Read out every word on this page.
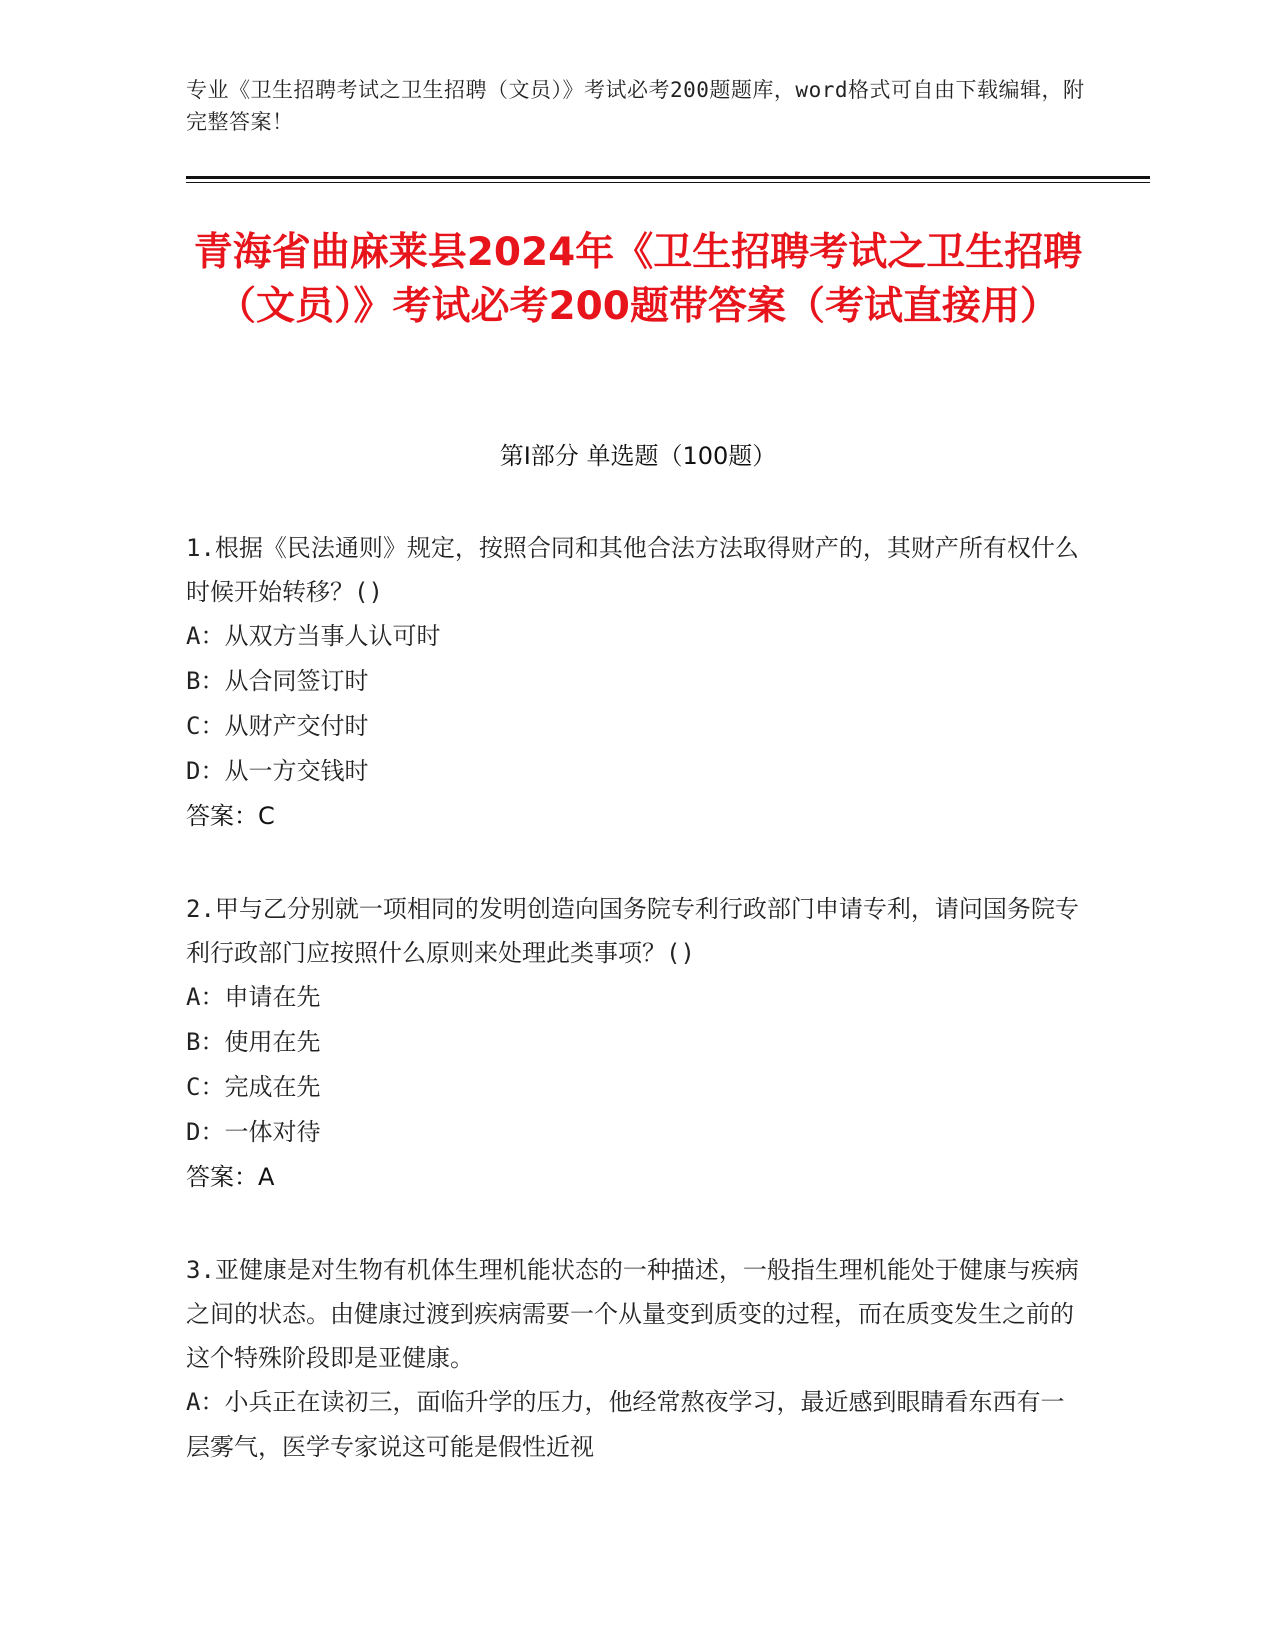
专业《卫生招聘考试之卫生招聘（文员）》考试必考200题题库，word格式可自由下载编辑，附完整答案！
青海省曲麻莱县2024年《卫生招聘考试之卫生招聘（文员）》考试必考200题带答案（考试直接用）
第Ⅰ部分 单选题（100题）
1.根据《民法通则》规定，按照合同和其他合法方法取得财产的，其财产所有权什么时候开始转移？()
A：从双方当事人认可时
B：从合同签订时
C：从财产交付时
D：从一方交钱时
答案：C
2.甲与乙分别就一项相同的发明创造向国务院专利行政部门申请专利，请问国务院专利行政部门应按照什么原则来处理此类事项？()
A：申请在先
B：使用在先
C：完成在先
D：一体对待
答案：A
3.亚健康是对生物有机体生理机能状态的一种描述，一般指生理机能处于健康与疾病之间的状态。由健康过渡到疾病需要一个从量变到质变的过程，而在质变发生之前的这个特殊阶段即是亚健康。
A：小兵正在读初三，面临升学的压力，他经常熬夜学习，最近感到眼睛看东西有一层雾气，医学专家说这可能是假性近视
